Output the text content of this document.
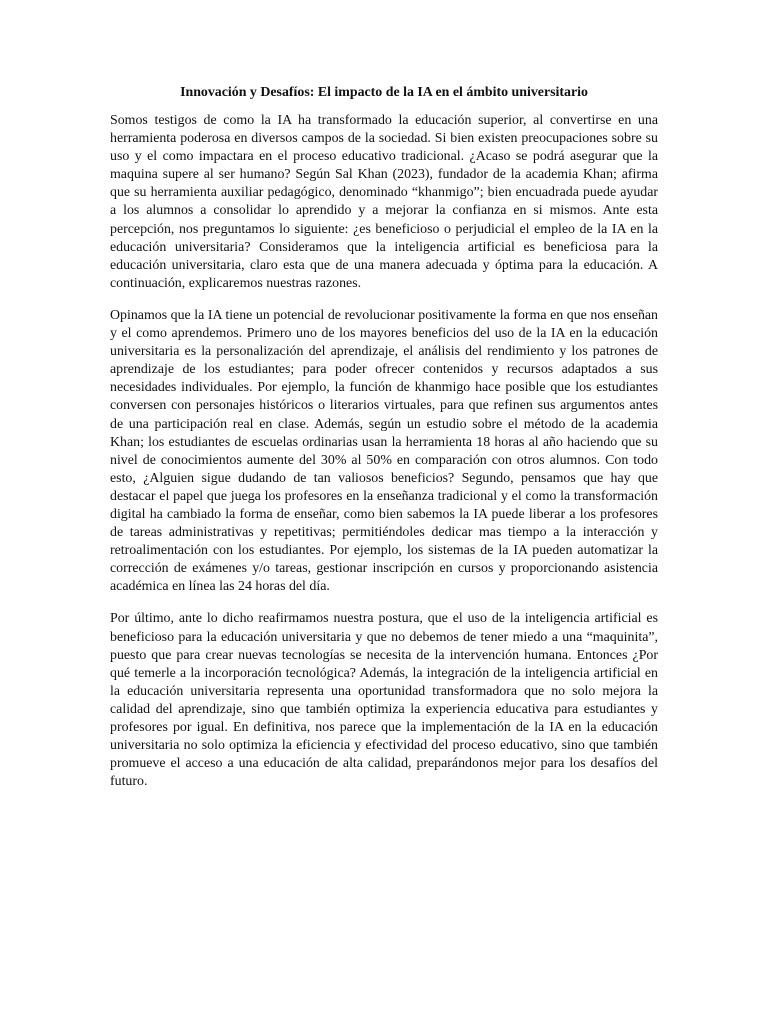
Innovación y Desafíos: El impacto de la IA en el ámbito universitario

Somos testigos de como la IA ha transformado la educación superior, al convertirse en una herramienta poderosa en diversos campos de la sociedad. Si bien existen preocupaciones sobre su uso y el como impactara en el proceso educativo tradicional. ¿Acaso se podrá asegurar que la maquina supere al ser humano? Según Sal Khan (2023), fundador de la academia Khan; afirma que su herramienta auxiliar pedagógico, denominado “khanmigo”; bien encuadrada puede ayudar a los alumnos a consolidar lo aprendido y a mejorar la confianza en si mismos. Ante esta percepción, nos preguntamos lo siguiente: ¿es beneficioso o perjudicial el empleo de la IA en la educación universitaria? Consideramos que la inteligencia artificial es beneficiosa para la educación universitaria, claro esta que de una manera adecuada y óptima para la educación. A continuación, explicaremos nuestras razones.

Opinamos que la IA tiene un potencial de revolucionar positivamente la forma en que nos enseñan y el como aprendemos. Primero uno de los mayores beneficios del uso de la IA en la educación universitaria es la personalización del aprendizaje, el análisis del rendimiento y los patrones de aprendizaje de los estudiantes; para poder ofrecer contenidos y recursos adaptados a sus necesidades individuales. Por ejemplo, la función de khanmigo hace posible que los estudiantes conversen con personajes históricos o literarios virtuales, para que refinen sus argumentos antes de una participación real en clase. Además, según un estudio sobre el método de la academia Khan; los estudiantes de escuelas ordinarias usan la herramienta 18 horas al año haciendo que su nivel de conocimientos aumente del 30% al 50% en comparación con otros alumnos. Con todo esto, ¿Alguien sigue dudando de tan valiosos beneficios? Segundo, pensamos que hay que destacar el papel que juega los profesores en la enseñanza tradicional y el como la transformación digital ha cambiado la forma de enseñar, como bien sabemos la IA puede liberar a los profesores de tareas administrativas y repetitivas; permitiéndoles dedicar mas tiempo a la interacción y retroalimentación con los estudiantes. Por ejemplo, los sistemas de la IA pueden automatizar la corrección de exámenes y/o tareas, gestionar inscripción en cursos y proporcionando asistencia académica en línea las 24 horas del día.

Por último, ante lo dicho reafirmamos nuestra postura, que el uso de la inteligencia artificial es beneficioso para la educación universitaria y que no debemos de tener miedo a una “maquinita”, puesto que para crear nuevas tecnologías se necesita de la intervención humana. Entonces ¿Por qué temerle a la incorporación tecnológica? Además, la integración de la inteligencia artificial en la educación universitaria representa una oportunidad transformadora que no solo mejora la calidad del aprendizaje, sino que también optimiza la experiencia educativa para estudiantes y profesores por igual. En definitiva, nos parece que la implementación de la IA en la educación universitaria no solo optimiza la eficiencia y efectividad del proceso educativo, sino que también promueve el acceso a una educación de alta calidad, preparándonos mejor para los desafíos del futuro.
